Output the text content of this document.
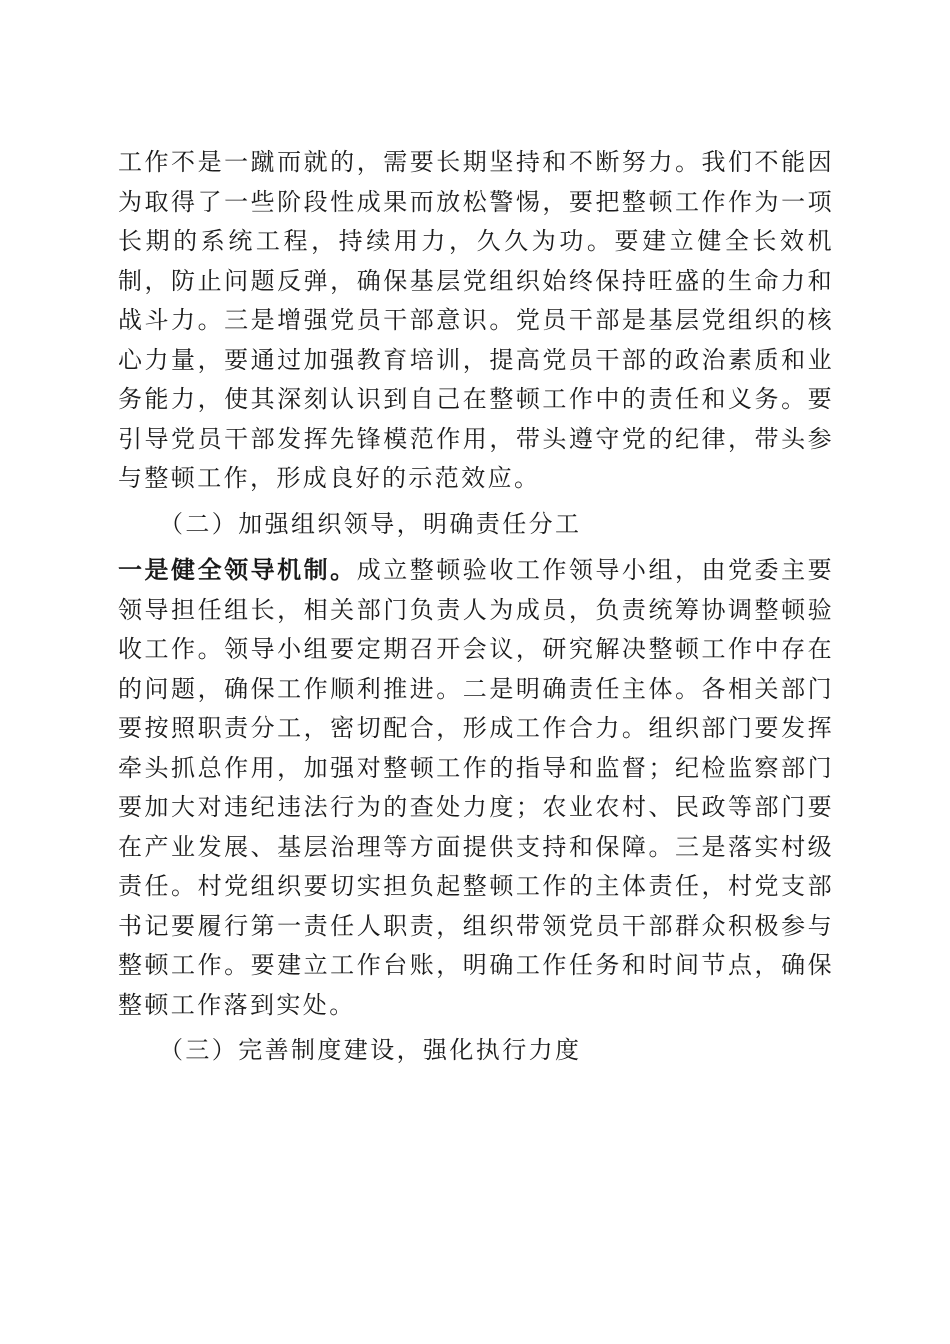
工作不是一蹴而就的，需要长期坚持和不断努力。我们不能因为取得了一些阶段性成果而放松警惕，要把整顿工作作为一项长期的系统工程，持续用力，久久为功。要建立健全长效机制，防止问题反弹，确保基层党组织始终保持旺盛的生命力和战斗力。三是增强党员干部意识。党员干部是基层党组织的核心力量，要通过加强教育培训，提高党员干部的政治素质和业务能力，使其深刻认识到自己在整顿工作中的责任和义务。要引导党员干部发挥先锋模范作用，带头遵守党的纪律，带头参与整顿工作，形成良好的示范效应。

（二）加强组织领导，明确责任分工

一是健全领导机制。成立整顿验收工作领导小组，由党委主要领导担任组长，相关部门负责人为成员，负责统筹协调整顿验收工作。领导小组要定期召开会议，研究解决整顿工作中存在的问题，确保工作顺利推进。二是明确责任主体。各相关部门要按照职责分工，密切配合，形成工作合力。组织部门要发挥牵头抓总作用，加强对整顿工作的指导和监督；纪检监察部门要加大对违纪违法行为的查处力度；农业农村、民政等部门要在产业发展、基层治理等方面提供支持和保障。三是落实村级责任。村党组织要切实担负起整顿工作的主体责任，村党支部书记要履行第一责任人职责，组织带领党员干部群众积极参与整顿工作。要建立工作台账，明确工作任务和时间节点，确保整顿工作落到实处。

（三）完善制度建设，强化执行力度
